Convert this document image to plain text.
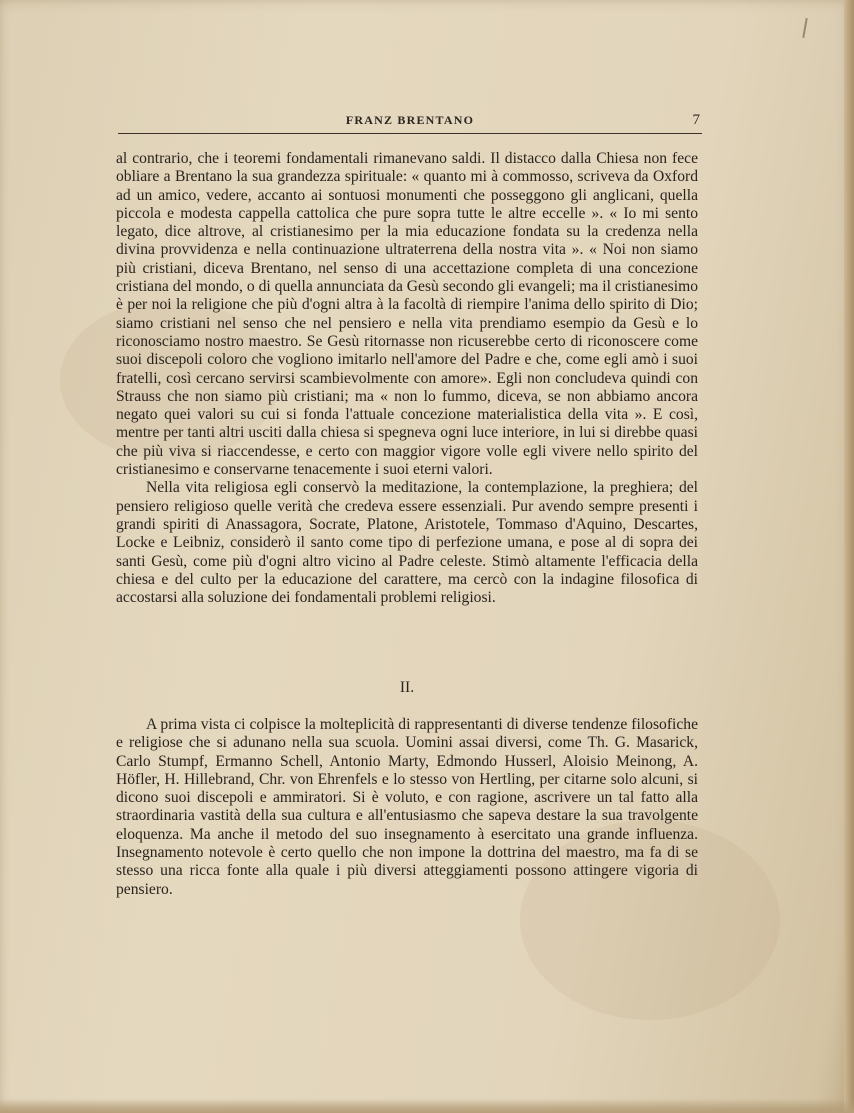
FRANZ BRENTANO	7

al contrario, che i teoremi fondamentali rimanevano saldi. Il distacco dalla Chiesa non fece obliare a Brentano la sua grandezza spirituale: « quanto mi à commosso, scriveva da Oxford ad un amico, vedere, accanto ai sontuosi monumenti che posseggono gli anglicani, quella piccola e modesta cappella cattolica che pure sopra tutte le altre eccelle ». « Io mi sento legato, dice altrove, al cristianesimo per la mia educazione fondata su la credenza nella divina provvidenza e nella continuazione ultraterrena della nostra vita ». « Noi non siamo più cristiani, diceva Brentano, nel senso di una accettazione completa di una concezione cristiana del mondo, o di quella annunciata da Gesù secondo gli evangeli; ma il cristianesimo è per noi la religione che più d'ogni altra à la facoltà di riempire l'anima dello spirito di Dio; siamo cristiani nel senso che nel pensiero e nella vita prendiamo esempio da Gesù e lo riconosciamo nostro maestro. Se Gesù ritornasse non ricuserebbe certo di riconoscere come suoi discepoli coloro che vogliono imitarlo nell'amore del Padre e che, come egli amò i suoi fratelli, così cercano servirsi scambievolmente con amore». Egli non concludeva quindi con Strauss che non siamo più cristiani; ma « non lo fummo, diceva, se non abbiamo ancora negato quei valori su cui si fonda l'attuale concezione materialistica della vita ». E così, mentre per tanti altri usciti dalla chiesa si spegneva ogni luce interiore, in lui si direbbe quasi che più viva si riaccendesse, e certo con maggior vigore volle egli vivere nello spirito del cristianesimo e conservarne tenacemente i suoi eterni valori.

Nella vita religiosa egli conservò la meditazione, la contemplazione, la preghiera; del pensiero religioso quelle verità che credeva essere essenziali. Pur avendo sempre presenti i grandi spiriti di Anassagora, Socrate, Platone, Aristotele, Tommaso d'Aquino, Descartes, Locke e Leibniz, considerò il santo come tipo di perfezione umana, e pose al di sopra dei santi Gesù, come più d'ogni altro vicino al Padre celeste. Stimò altamente l'efficacia della chiesa e del culto per la educazione del carattere, ma cercò con la indagine filosofica di accostarsi alla soluzione dei fondamentali problemi religiosi.

II.

A prima vista ci colpisce la molteplicità di rappresentanti di diverse tendenze filosofiche e religiose che si adunano nella sua scuola. Uomini assai diversi, come Th. G. Masarick, Carlo Stumpf, Ermanno Schell, Antonio Marty, Edmondo Husserl, Aloisio Meinong, A. Höfler, H. Hillebrand, Chr. von Ehrenfels e lo stesso von Hertling, per citarne solo alcuni, si dicono suoi discepoli e ammiratori. Si è voluto, e con ragione, ascrivere un tal fatto alla straordinaria vastità della sua cultura e all'entusiasmo che sapeva destare la sua travolgente eloquenza. Ma anche il metodo del suo insegnamento à esercitato una grande influenza. Insegnamento notevole è certo quello che non impone la dottrina del maestro, ma fa di se stesso una ricca fonte alla quale i più diversi atteggiamenti possono attingere vigoria di pensiero.
